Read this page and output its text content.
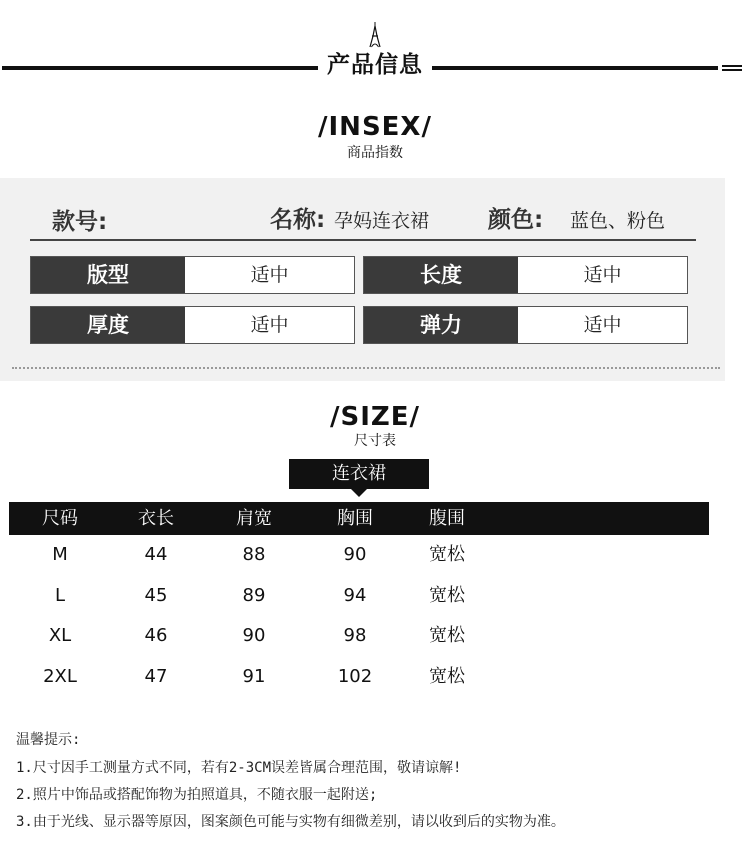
产品信息
/INSEX/
商品指数
款号:	名称: 孕妈连衣裙	颜色: 蓝色、粉色
版型	适中	长度	适中
厚度	适中	弹力	适中
/SIZE/
尺寸表
连衣裙
尺码	衣长	肩宽	胸围	腹围
M	44	88	90	宽松
L	45	89	94	宽松
XL	46	90	98	宽松
2XL	47	91	102	宽松
温馨提示:
1.尺寸因手工测量方式不同，若有2-3CM误差皆属合理范围，敬请谅解!
2.照片中饰品或搭配饰物为拍照道具，不随衣服一起附送;
3.由于光线、显示器等原因，图案颜色可能与实物有细微差别，请以收到后的实物为准。
